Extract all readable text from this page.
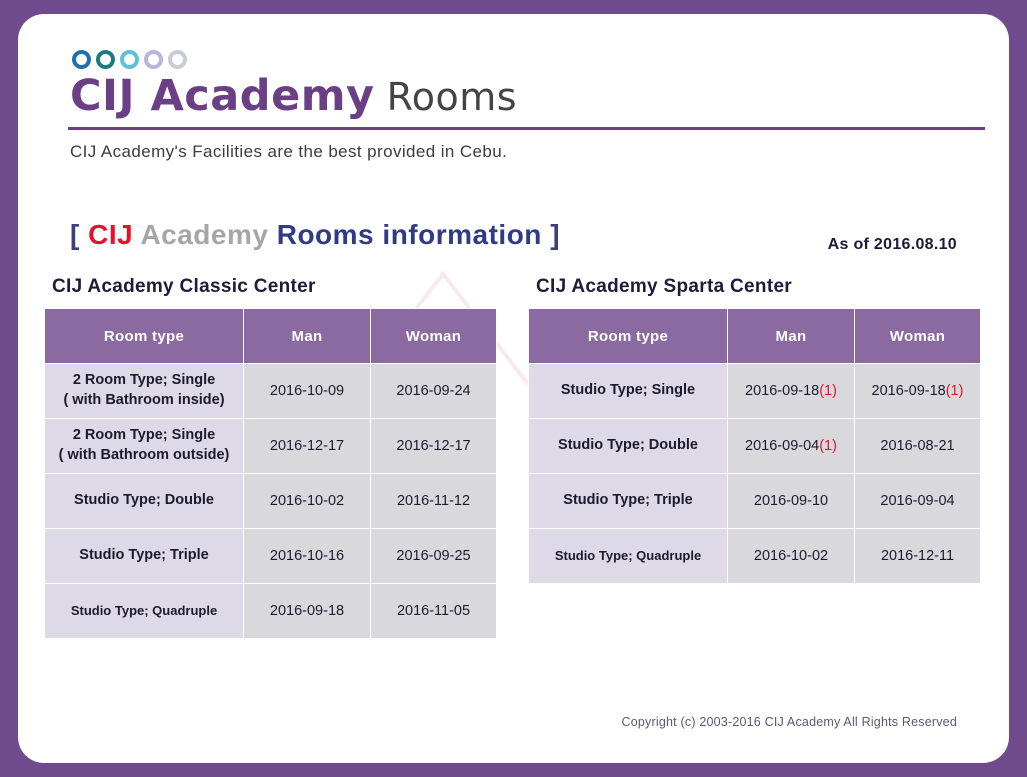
CIJ Academy Rooms
CIJ Academy's Facilities are the best provided in Cebu.
[ CIJ Academy Rooms information ]	As of 2016.08.10
CIJ Academy Classic Center
Room type	Man	Woman

2 Room Type; Single
( with Bathroom inside)	2016-10-09	2016-09-24

2 Room Type; Single
( with Bathroom outside)	2016-12-17	2016-12-17

Studio Type; Double	2016-10-02	2016-11-12

Studio Type; Triple	2016-10-16	2016-09-25

Studio Type; Quadruple	2016-09-18	2016-11-05
CIJ Academy Sparta Center
Room type	Man	Woman

Studio Type; Single	2016-09-18(1)	2016-09-18(1)

Studio Type; Double	2016-09-04(1)	2016-08-21

Studio Type; Triple	2016-09-10	2016-09-04

Studio Type; Quadruple	2016-10-02	2016-12-11
Copyright (c) 2003-2016 CIJ Academy All Rights Reserved
